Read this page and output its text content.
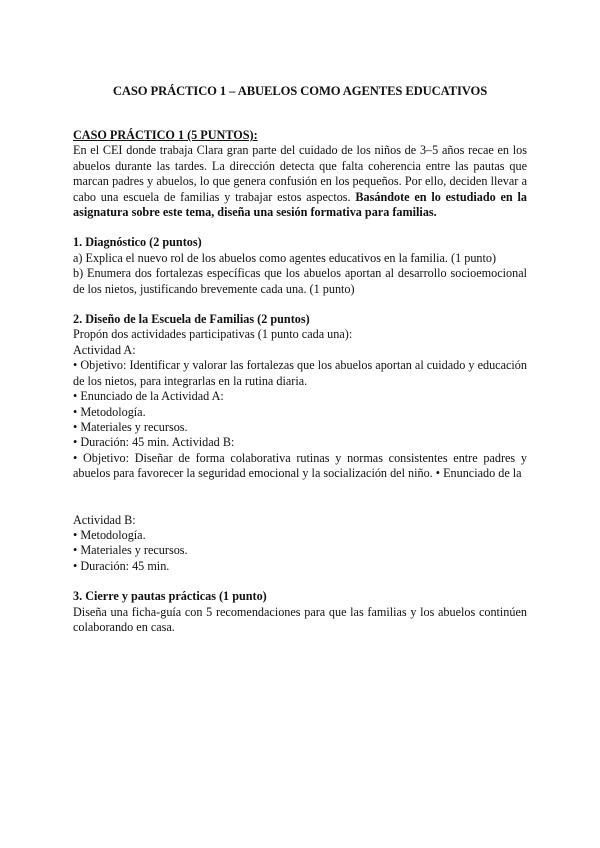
CASO PRÁCTICO 1 – ABUELOS COMO AGENTES EDUCATIVOS

CASO PRÁCTICO 1 (5 PUNTOS):

En el CEI donde trabaja Clara gran parte del cuidado de los niños de 3–5 años recae en los abuelos durante las tardes. La dirección detecta que falta coherencia entre las pautas que marcan padres y abuelos, lo que genera confusión en los pequeños. Por ello, deciden llevar a cabo una escuela de familias y trabajar estos aspectos. Basándote en lo estudiado en la asignatura sobre este tema, diseña una sesión formativa para familias.

1. Diagnóstico (2 puntos)

a) Explica el nuevo rol de los abuelos como agentes educativos en la familia. (1 punto)

b) Enumera dos fortalezas específicas que los abuelos aportan al desarrollo socioemocional de los nietos, justificando brevemente cada una. (1 punto)

2. Diseño de la Escuela de Familias (2 puntos)

Propón dos actividades participativas (1 punto cada una):

Actividad A:

• Objetivo: Identificar y valorar las fortalezas que los abuelos aportan al cuidado y educación de los nietos, para integrarlas en la rutina diaria.

• Enunciado de la Actividad A:

• Metodología.

• Materiales y recursos.

• Duración: 45 min. Actividad B:

• Objetivo: Diseñar de forma colaborativa rutinas y normas consistentes entre padres y abuelos para favorecer la seguridad emocional y la socialización del niño. • Enunciado de la

Actividad B:

• Metodología.

• Materiales y recursos.

• Duración: 45 min.

3. Cierre y pautas prácticas (1 punto)

Diseña una ficha-guía con 5 recomendaciones para que las familias y los abuelos continúen colaborando en casa.
